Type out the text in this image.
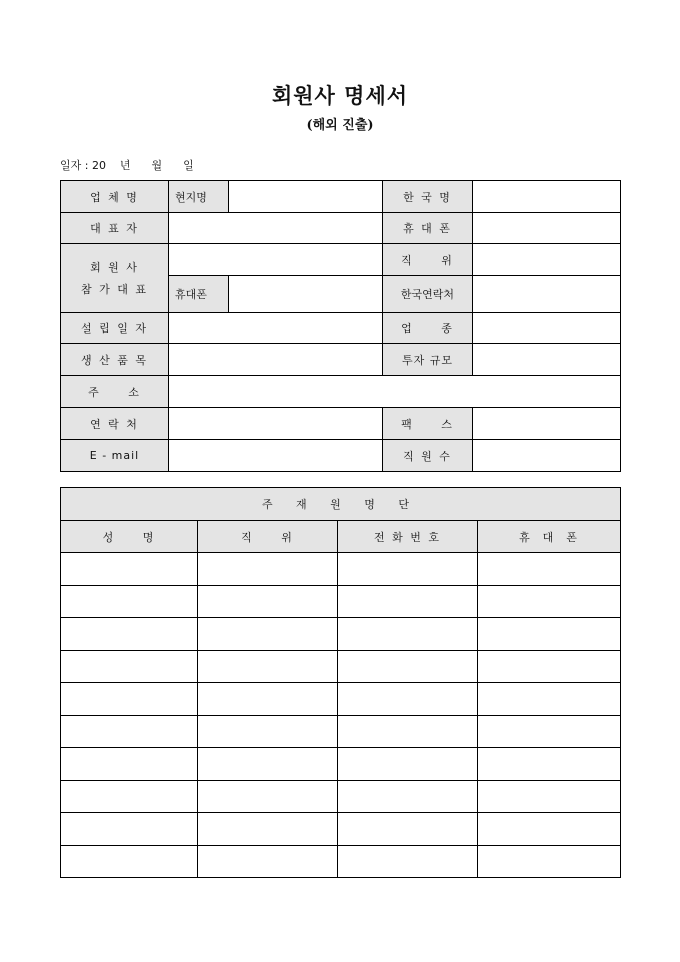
회원사 명세서
(해외 진출)
일자 : 20    년      월      일
업 체 명	현지명		한 국 명	
대 표 자			휴 대 폰	

회 원 사
참 가 대 표			직     위	
	휴대폰		한국연락처	
설 립 일 자			업     종	
생 산 품 목			투자 규모	
주     소				
연 락 처			팩     스	
E - mail			직 원 수	
주 재 원 명 단			
성     명	직     위	전 화 번 호	휴  대  폰
